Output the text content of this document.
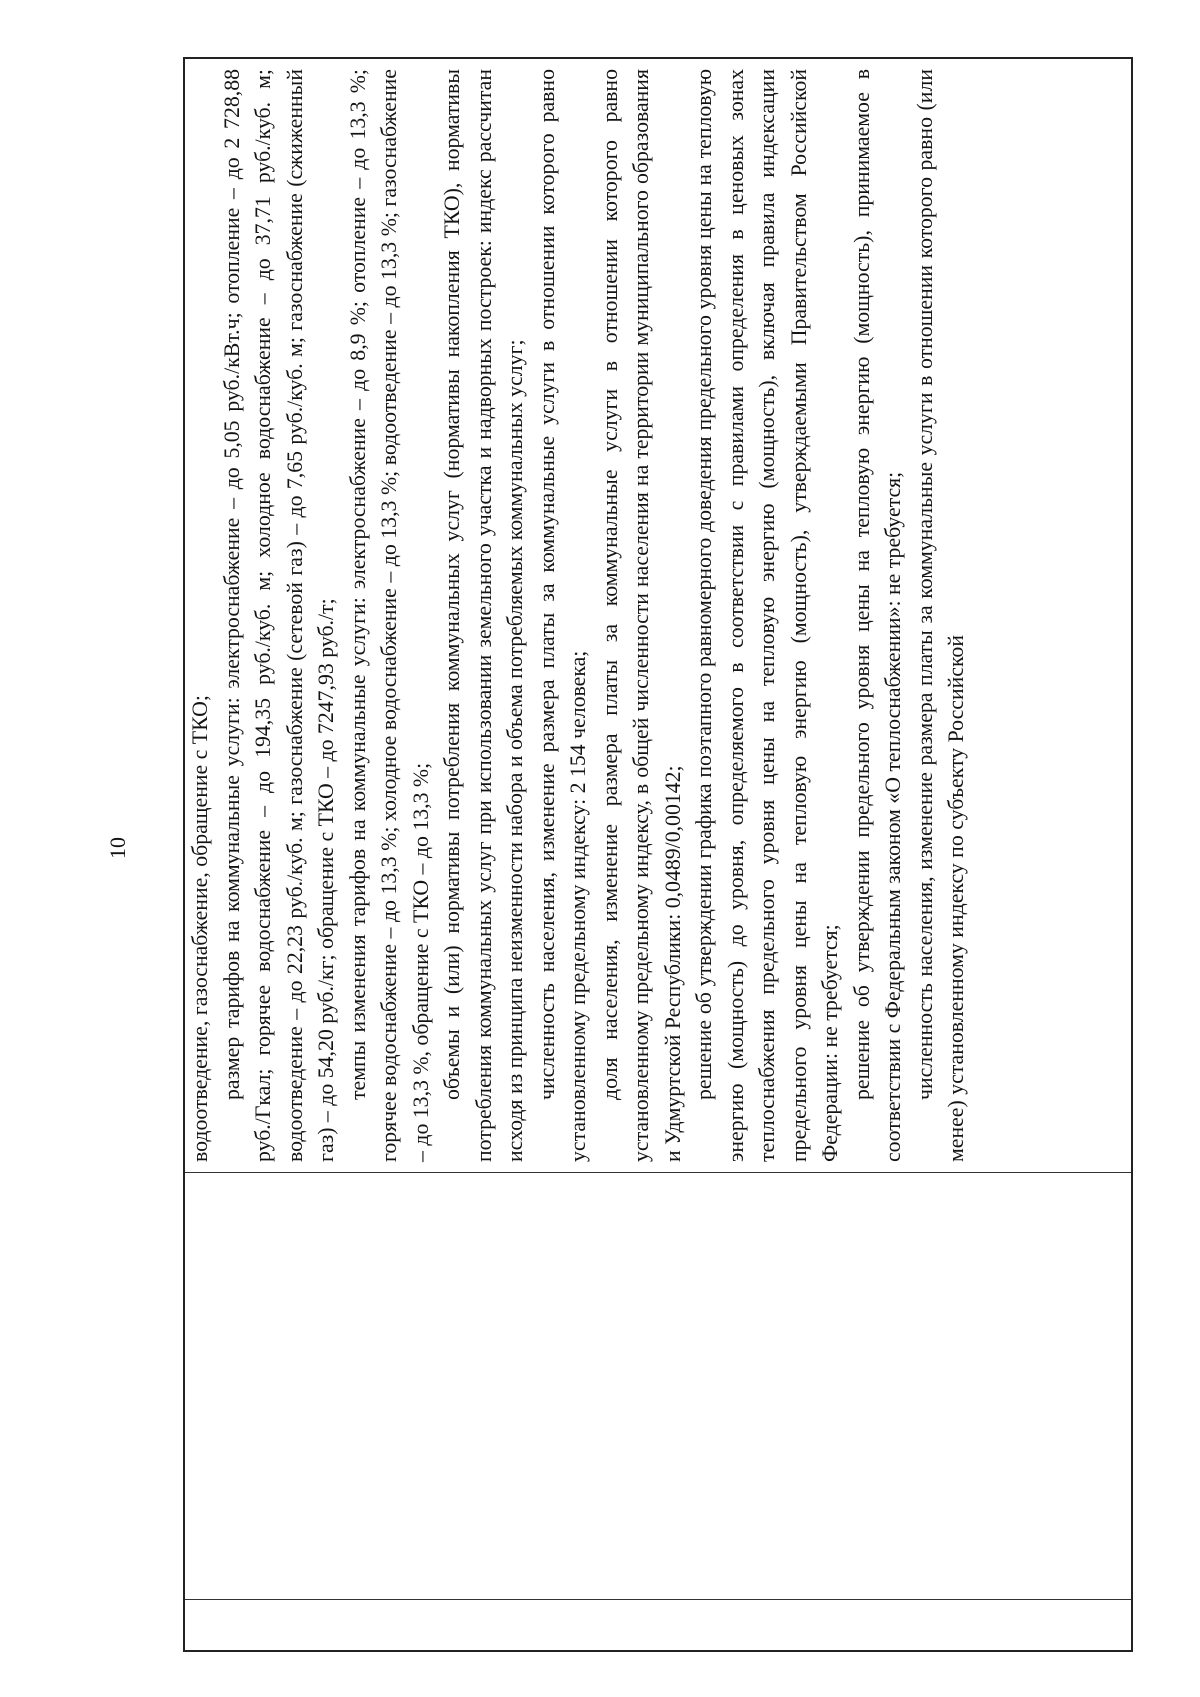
10	водоотведение, газоснабжение, обращение с ТКО; размер тарифов на коммунальные услуги: электроснабжение – до 5,05 руб./кВт.ч; отопление – до 2 728,88 руб./Гкал; горячее водоснабжение – до 194,35 руб./куб. м; холодное водоснабжение – до 37,71 руб./куб. м; водоотведение – до 22,23 руб./куб. м; газоснабжение (сетевой газ) – до 7,65 руб./куб. м; газоснабжение (сжиженный газ) – до 54,20 руб./кг; обращение с ТКО – до 7247,93 руб./т; темпы изменения тарифов на коммунальные услуги: электроснабжение – до 8,9 %; отопление – до 13,3 %; горячее водоснабжение – до 13,3 %; холодное водоснабжение – до 13,3 %; водоотведение – до 13,3 %; газоснабжение – до 13,3 %, обращение с ТКО – до 13,3 %; объемы и (или) нормативы потребления коммунальных услуг (нормативы накопления ТКО), нормативы потребления коммунальных услуг при использовании земельного участка и надворных построек: индекс рассчитан исходя из принципа неизменности набора и объема потребляемых коммунальных услуг; численность населения, изменение размера платы за коммунальные услуги в отношении которого равно установленному предельному индексу: 2 154 человека; доля населения, изменение размера платы за коммунальные услуги в отношении которого равно установленному предельному индексу, в общей численности населения на территории муниципального образования и Удмуртской Республики: 0,0489/0,00142; решение об утверждении графика поэтапного равномерного доведения предельного уровня цены на тепловую энергию (мощность) до уровня, определяемого в соответствии с правилами определения в ценовых зонах теплоснабжения предельного уровня цены на тепловую энергию (мощность), включая правила индексации предельного уровня цены на тепловую энергию (мощность), утверждаемыми Правительством Российской Федерации: не требуется; решение об утверждении предельного уровня цены на тепловую энергию (мощность), принимаемое в соответствии с Федеральным законом «О теплоснабжении»: не требуется; численность населения, изменение размера платы за коммунальные услуги в отношении которого равно (или менее) установленному индексу по субъекту Российской
